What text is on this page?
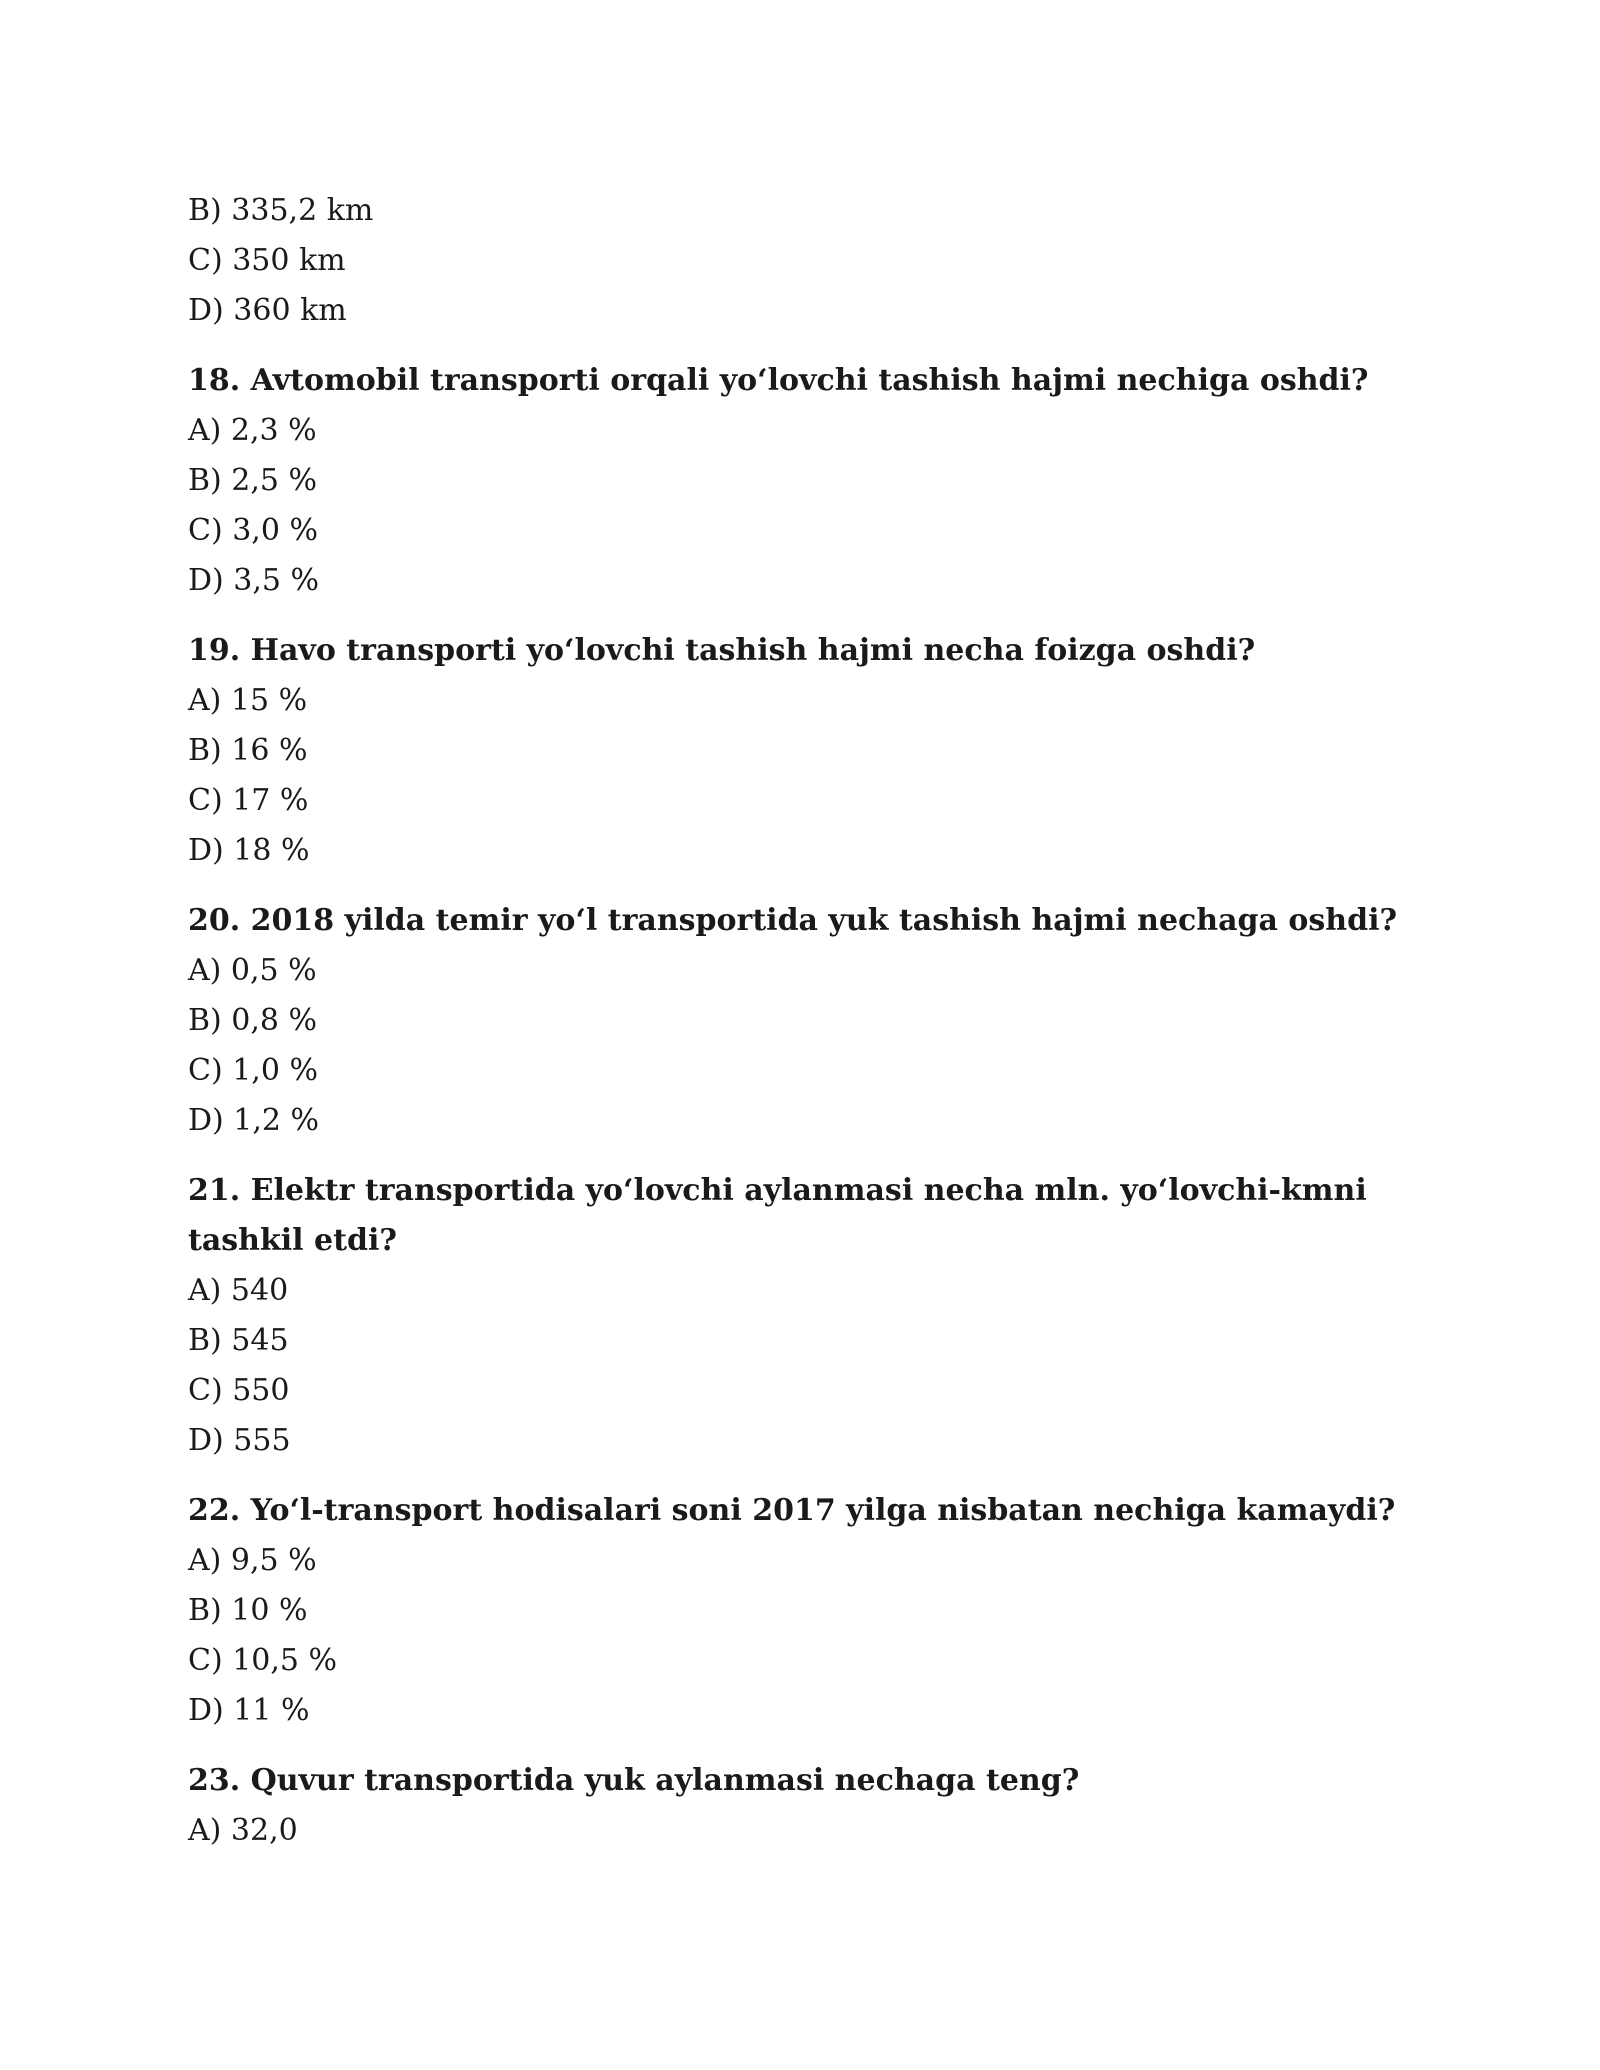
B) 335,2 km
C) 350 km
D) 360 km
18. Avtomobil transporti orqali yo‘lovchi tashish hajmi nechiga oshdi?
A) 2,3 %
B) 2,5 %
C) 3,0 %
D) 3,5 %
19. Havo transporti yo‘lovchi tashish hajmi necha foizga oshdi?
A) 15 %
B) 16 %
C) 17 %
D) 18 %
20. 2018 yilda temir yo‘l transportida yuk tashish hajmi nechaga oshdi?
A) 0,5 %
B) 0,8 %
C) 1,0 %
D) 1,2 %
21. Elektr transportida yo‘lovchi aylanmasi necha mln. yo‘lovchi-kmni tashkil etdi?
A) 540
B) 545
C) 550
D) 555
22. Yo‘l-transport hodisalari soni 2017 yilga nisbatan nechiga kamaydi?
A) 9,5 %
B) 10 %
C) 10,5 %
D) 11 %
23. Quvur transportida yuk aylanmasi nechaga teng?
A) 32,0
